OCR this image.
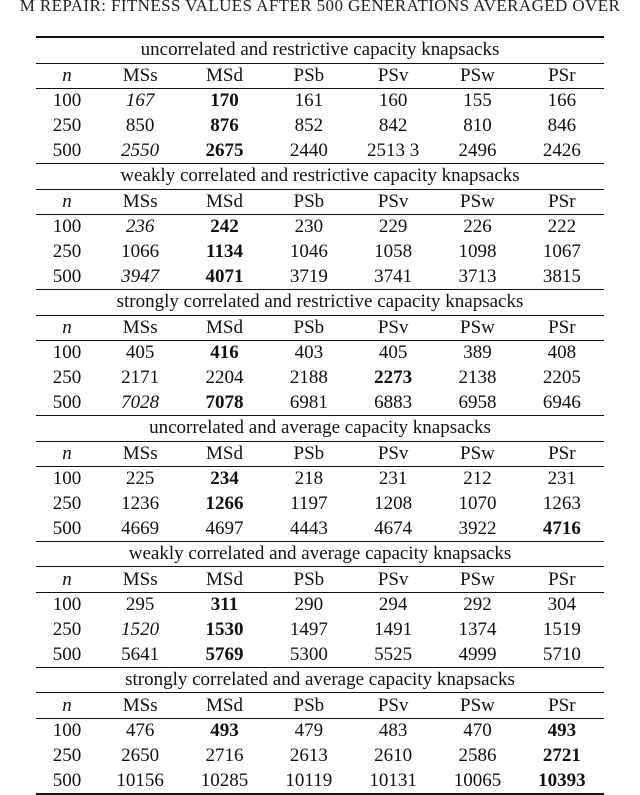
M REPAIR: FITNESS VALUES AFTER 500 GENERATIONS AVERAGED OVER
uncorrelated and restrictive capacity knapsacks						
n	MSs	MSd	PSb	PSv	PSw	PSr
100	167	170	161	160	155	166
250	850	876	852	842	810	846
500	2550	2675	2440	2513 3	2496	2426
weakly correlated and restrictive capacity knapsacks						
n	MSs	MSd	PSb	PSv	PSw	PSr
100	236	242	230	229	226	222
250	1066	1134	1046	1058	1098	1067
500	3947	4071	3719	3741	3713	3815
strongly correlated and restrictive capacity knapsacks						
n	MSs	MSd	PSb	PSv	PSw	PSr
100	405	416	403	405	389	408
250	2171	2204	2188	2273	2138	2205
500	7028	7078	6981	6883	6958	6946
uncorrelated and average capacity knapsacks						
n	MSs	MSd	PSb	PSv	PSw	PSr
100	225	234	218	231	212	231
250	1236	1266	1197	1208	1070	1263
500	4669	4697	4443	4674	3922	4716
weakly correlated and average capacity knapsacks						
n	MSs	MSd	PSb	PSv	PSw	PSr
100	295	311	290	294	292	304
250	1520	1530	1497	1491	1374	1519
500	5641	5769	5300	5525	4999	5710
strongly correlated and average capacity knapsacks						
n	MSs	MSd	PSb	PSv	PSw	PSr
100	476	493	479	483	470	493
250	2650	2716	2613	2610	2586	2721
500	10156	10285	10119	10131	10065	10393
